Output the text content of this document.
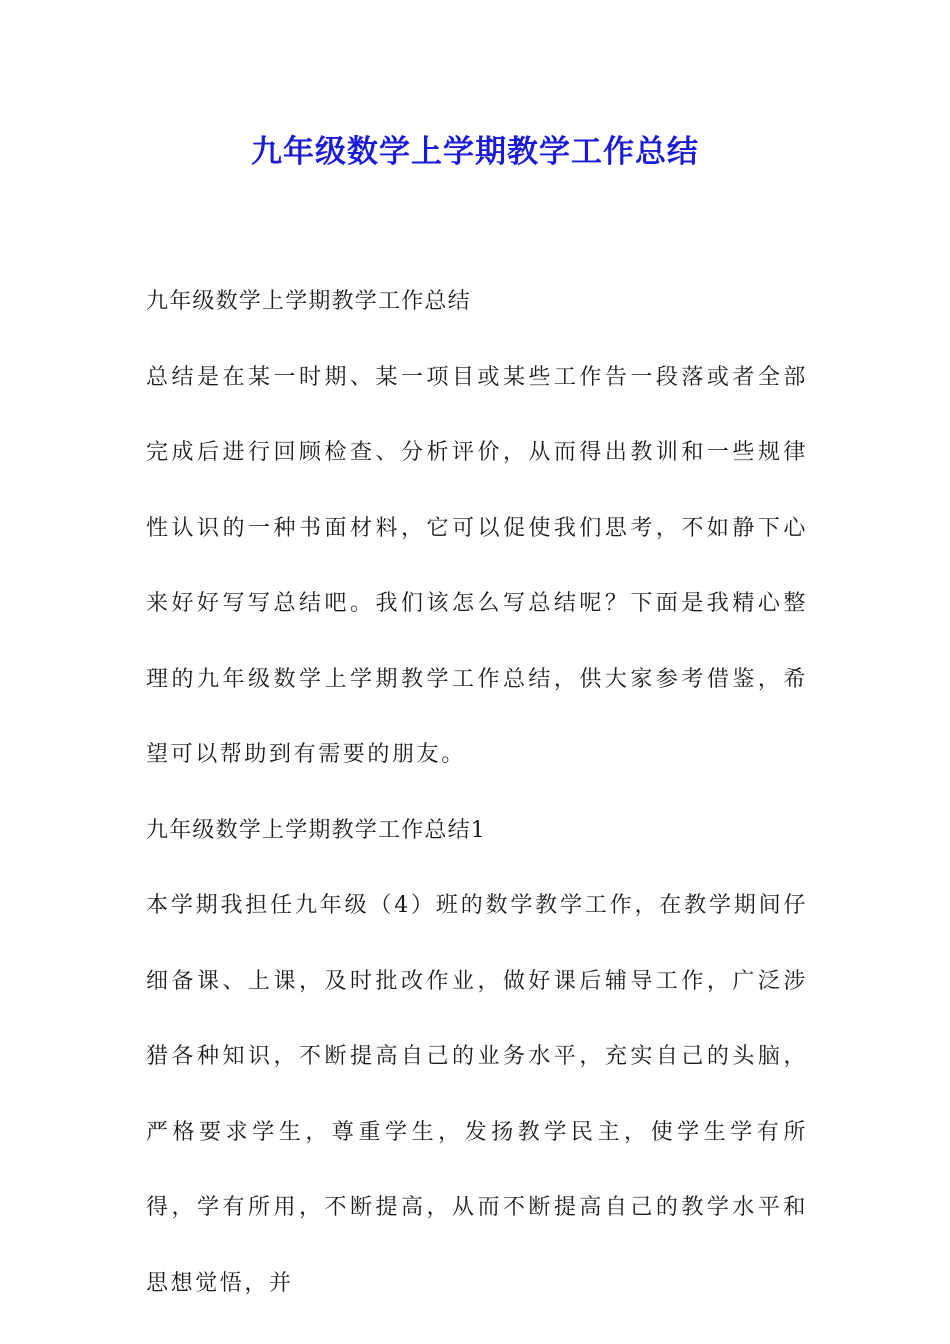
九年级数学上学期教学工作总结

九年级数学上学期教学工作总结

总结是在某一时期、某一项目或某些工作告一段落或者全部完成后进行回顾检查、分析评价，从而得出教训和一些规律性认识的一种书面材料，它可以促使我们思考，不如静下心来好好写写总结吧。我们该怎么写总结呢？下面是我精心整理的九年级数学上学期教学工作总结，供大家参考借鉴，希望可以帮助到有需要的朋友。

九年级数学上学期教学工作总结1

本学期我担任九年级（4）班的数学教学工作，在教学期间仔细备课、上课，及时批改作业，做好课后辅导工作，广泛涉猎各种知识，不断提高自己的业务水平，充实自己的头脑，严格要求学生，尊重学生，发扬教学民主，使学生学有所得，学有所用，不断提高，从而不断提高自己的教学水平和思想觉悟，并
